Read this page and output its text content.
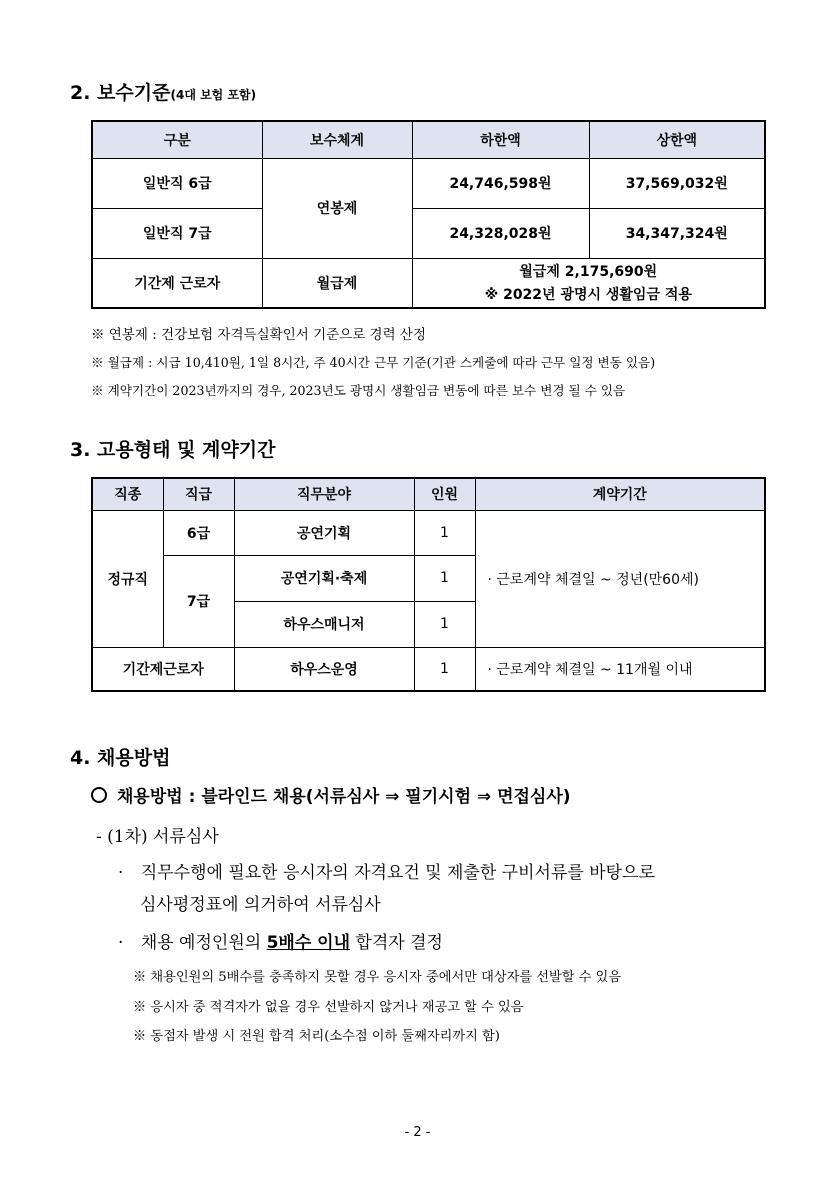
2. 보수기준(4대 보험 포함)
구분	보수체계	하한액	상한액
일반직 6급	연봉제	24,746,598원	37,569,032원
일반직 7급		24,328,028원	34,347,324원
기간제 근로자	월급제	월급제 2,175,690원
※ 2022년 광명시 생활임금 적용	
※ 연봉제 : 건강보험 자격득실확인서 기준으로 경력 산정
※ 월급제 : 시급 10,410원, 1일 8시간, 주 40시간 근무 기준(기관 스케줄에 따라 근무 일정 변동 있음)
※ 계약기간이 2023년까지의 경우, 2023년도 광명시 생활임금 변동에 따른 보수 변경 될 수 있음
3. 고용형태 및 계약기간
직종	직급	직무분야	인원	계약기간
정규직	6급	공연기획	1	· 근로계약 체결일 ~ 정년(만60세)
	7급	공연기획·축제	1	
		하우스매니저	1	
기간제근로자		하우스운영	1	· 근로계약 체결일 ~ 11개월 이내
4. 채용방법
채용방법 : 블라인드 채용(서류심사 ⇒ 필기시험 ⇒ 면접심사)
- (1차) 서류심사
· 직무수행에 필요한 응시자의 자격요건 및 제출한 구비서류를 바탕으로
심사평정표에 의거하여 서류심사
· 채용 예정인원의 5배수 이내 합격자 결정
※ 채용인원의 5배수를 충족하지 못할 경우 응시자 중에서만 대상자를 선발할 수 있음
※ 응시자 중 적격자가 없을 경우 선발하지 않거나 재공고 할 수 있음
※ 동점자 발생 시 전원 합격 처리(소수점 이하 둘째자리까지 함)
- 2 -
